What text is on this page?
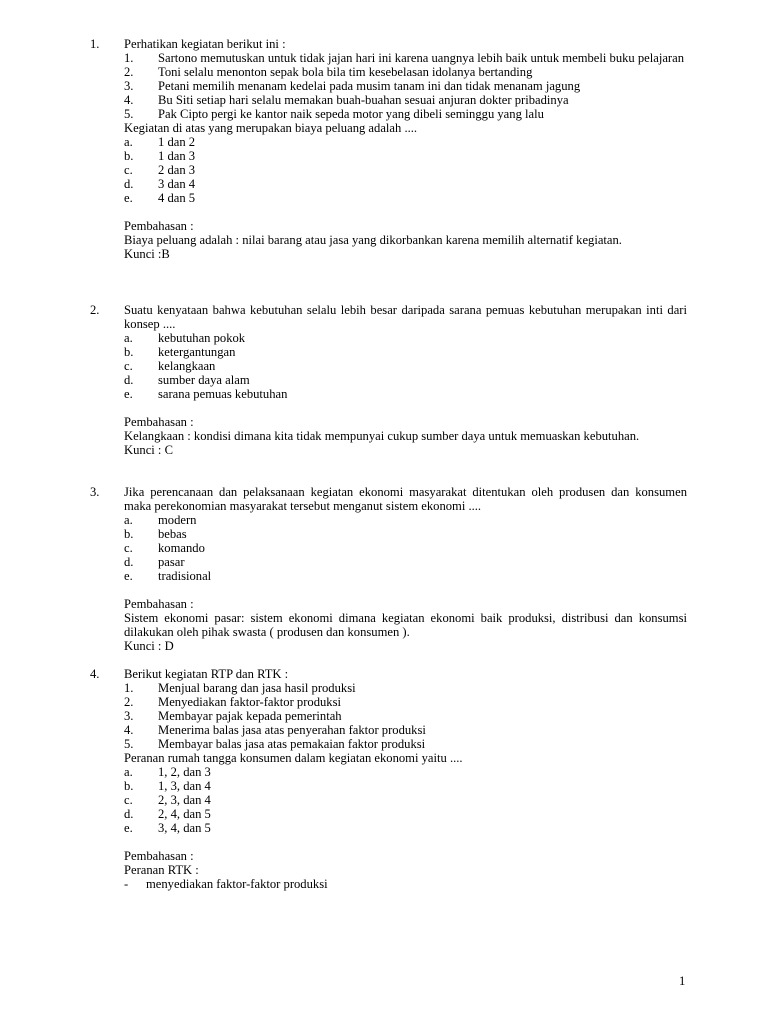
1. Perhatikan kegiatan berikut ini :
1. Sartono memutuskan untuk tidak jajan hari ini karena uangnya lebih baik untuk membeli buku pelajaran
2. Toni selalu menonton sepak bola bila tim kesebelasan idolanya bertanding
3. Petani memilih menanam kedelai pada musim tanam ini dan tidak menanam jagung
4. Bu Siti setiap hari selalu memakan buah-buahan sesuai anjuran dokter pribadinya
5. Pak Cipto pergi ke kantor naik sepeda motor yang dibeli seminggu yang lalu
Kegiatan di atas yang merupakan biaya peluang adalah ....
a. 1 dan 2
b. 1 dan 3
c. 2 dan 3
d. 3 dan 4
e. 4 dan 5
Pembahasan :
Biaya peluang adalah : nilai barang atau jasa yang dikorbankan karena memilih alternatif kegiatan.
Kunci :B
2. Suatu kenyataan bahwa kebutuhan selalu lebih besar daripada sarana pemuas kebutuhan merupakan inti dari konsep ....
a. kebutuhan pokok
b. ketergantungan
c. kelangkaan
d. sumber daya alam
e. sarana pemuas kebutuhan
Pembahasan :
Kelangkaan : kondisi dimana kita tidak mempunyai cukup sumber daya untuk memuaskan kebutuhan.
Kunci : C
3. Jika perencanaan dan pelaksanaan kegiatan ekonomi masyarakat ditentukan oleh produsen dan konsumen maka perekonomian masyarakat tersebut menganut sistem ekonomi ....
a. modern
b. bebas
c. komando
d. pasar
e. tradisional
Pembahasan :
Sistem ekonomi pasar: sistem ekonomi dimana kegiatan ekonomi baik produksi, distribusi dan konsumsi dilakukan oleh pihak swasta ( produsen dan konsumen ).
Kunci : D
4. Berikut kegiatan RTP dan RTK :
1. Menjual barang dan jasa hasil produksi
2. Menyediakan faktor-faktor produksi
3. Membayar pajak kepada pemerintah
4. Menerima balas jasa atas penyerahan faktor produksi
5. Membayar balas jasa atas pemakaian faktor produksi
Peranan rumah tangga konsumen dalam kegiatan ekonomi yaitu ....
a. 1, 2, dan 3
b. 1, 3, dan 4
c. 2, 3, dan 4
d. 2, 4, dan 5
e. 3, 4, dan 5
Pembahasan :
Peranan RTK :
- menyediakan faktor-faktor produksi
1
